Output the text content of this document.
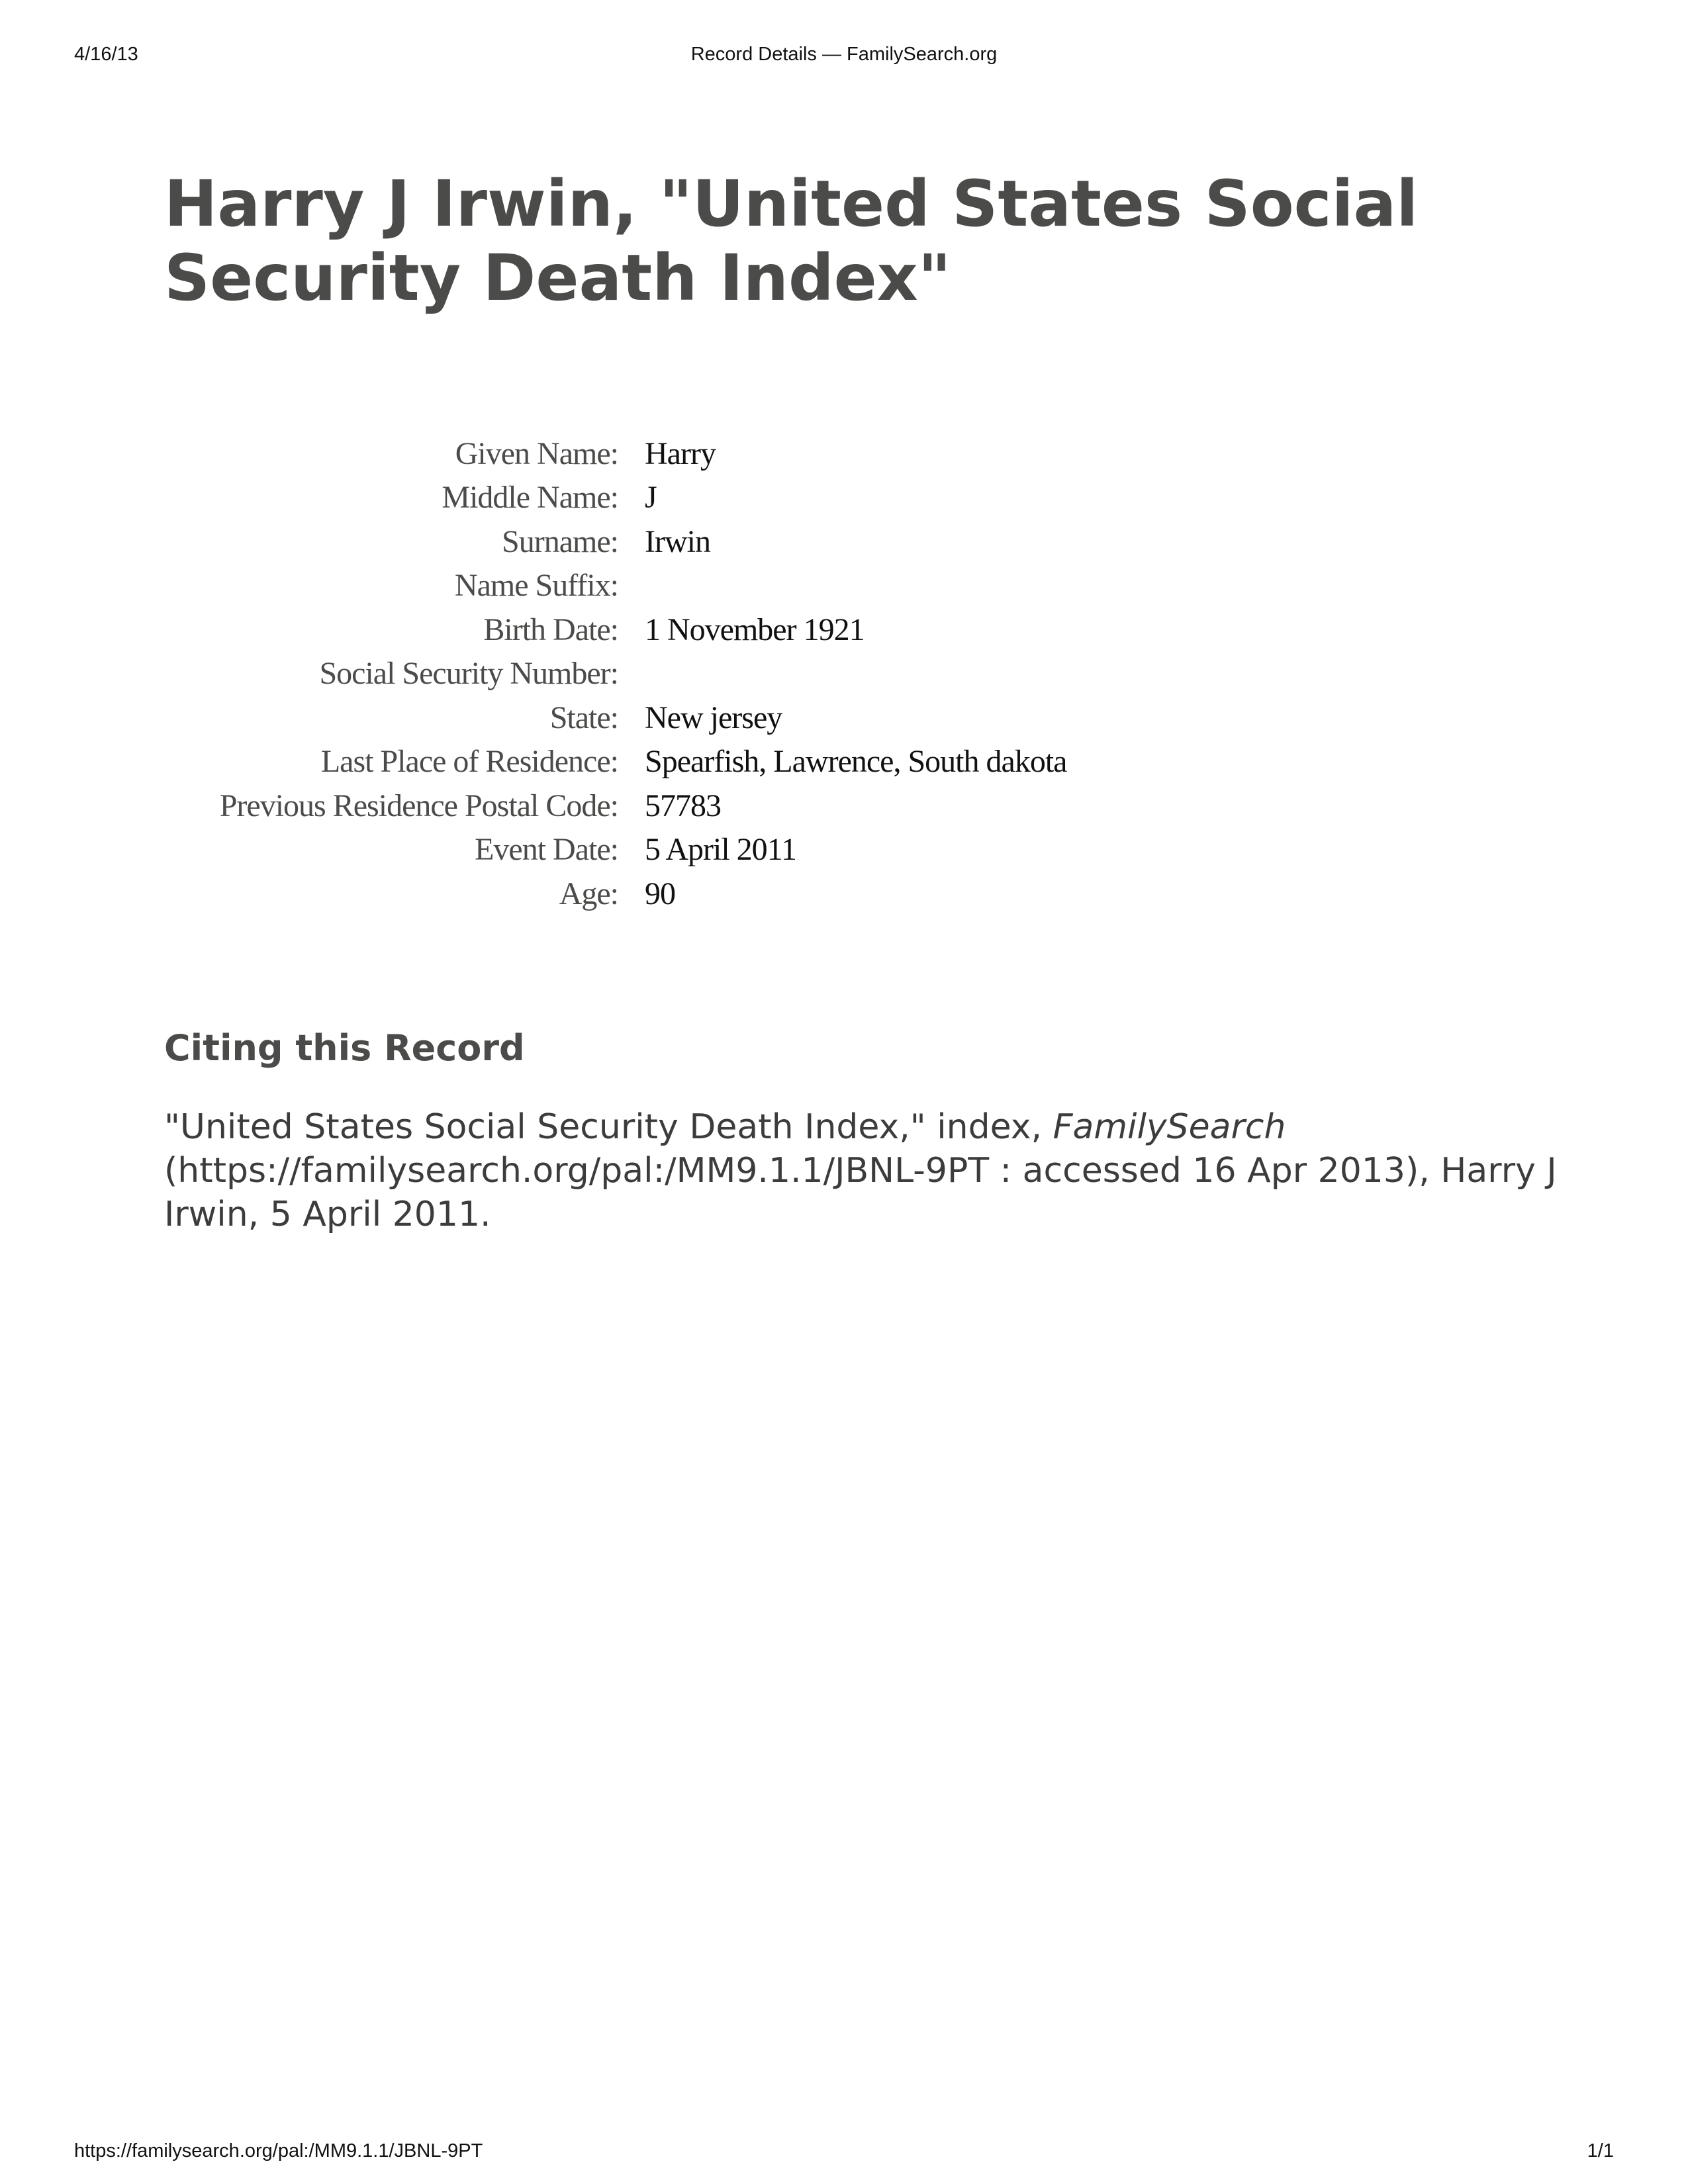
4/16/13	Record Details — FamilySearch.org
Harry J Irwin, "United States Social Security Death Index"
Given Name:	Harry
Middle Name:	J
Surname:	Irwin
Name Suffix:	
Birth Date:	1 November 1921
Social Security Number:	
State:	New jersey
Last Place of Residence:	Spearfish, Lawrence, South dakota
Previous Residence Postal Code:	57783
Event Date:	5 April 2011
Age:	90
Citing this Record

"United States Social Security Death Index," index, FamilySearch (https://familysearch.org/pal:/MM9.1.1/JBNL-9PT : accessed 16 Apr 2013), Harry J Irwin, 5 April 2011.

https://familysearch.org/pal:/MM9.1.1/JBNL-9PT	1/1
